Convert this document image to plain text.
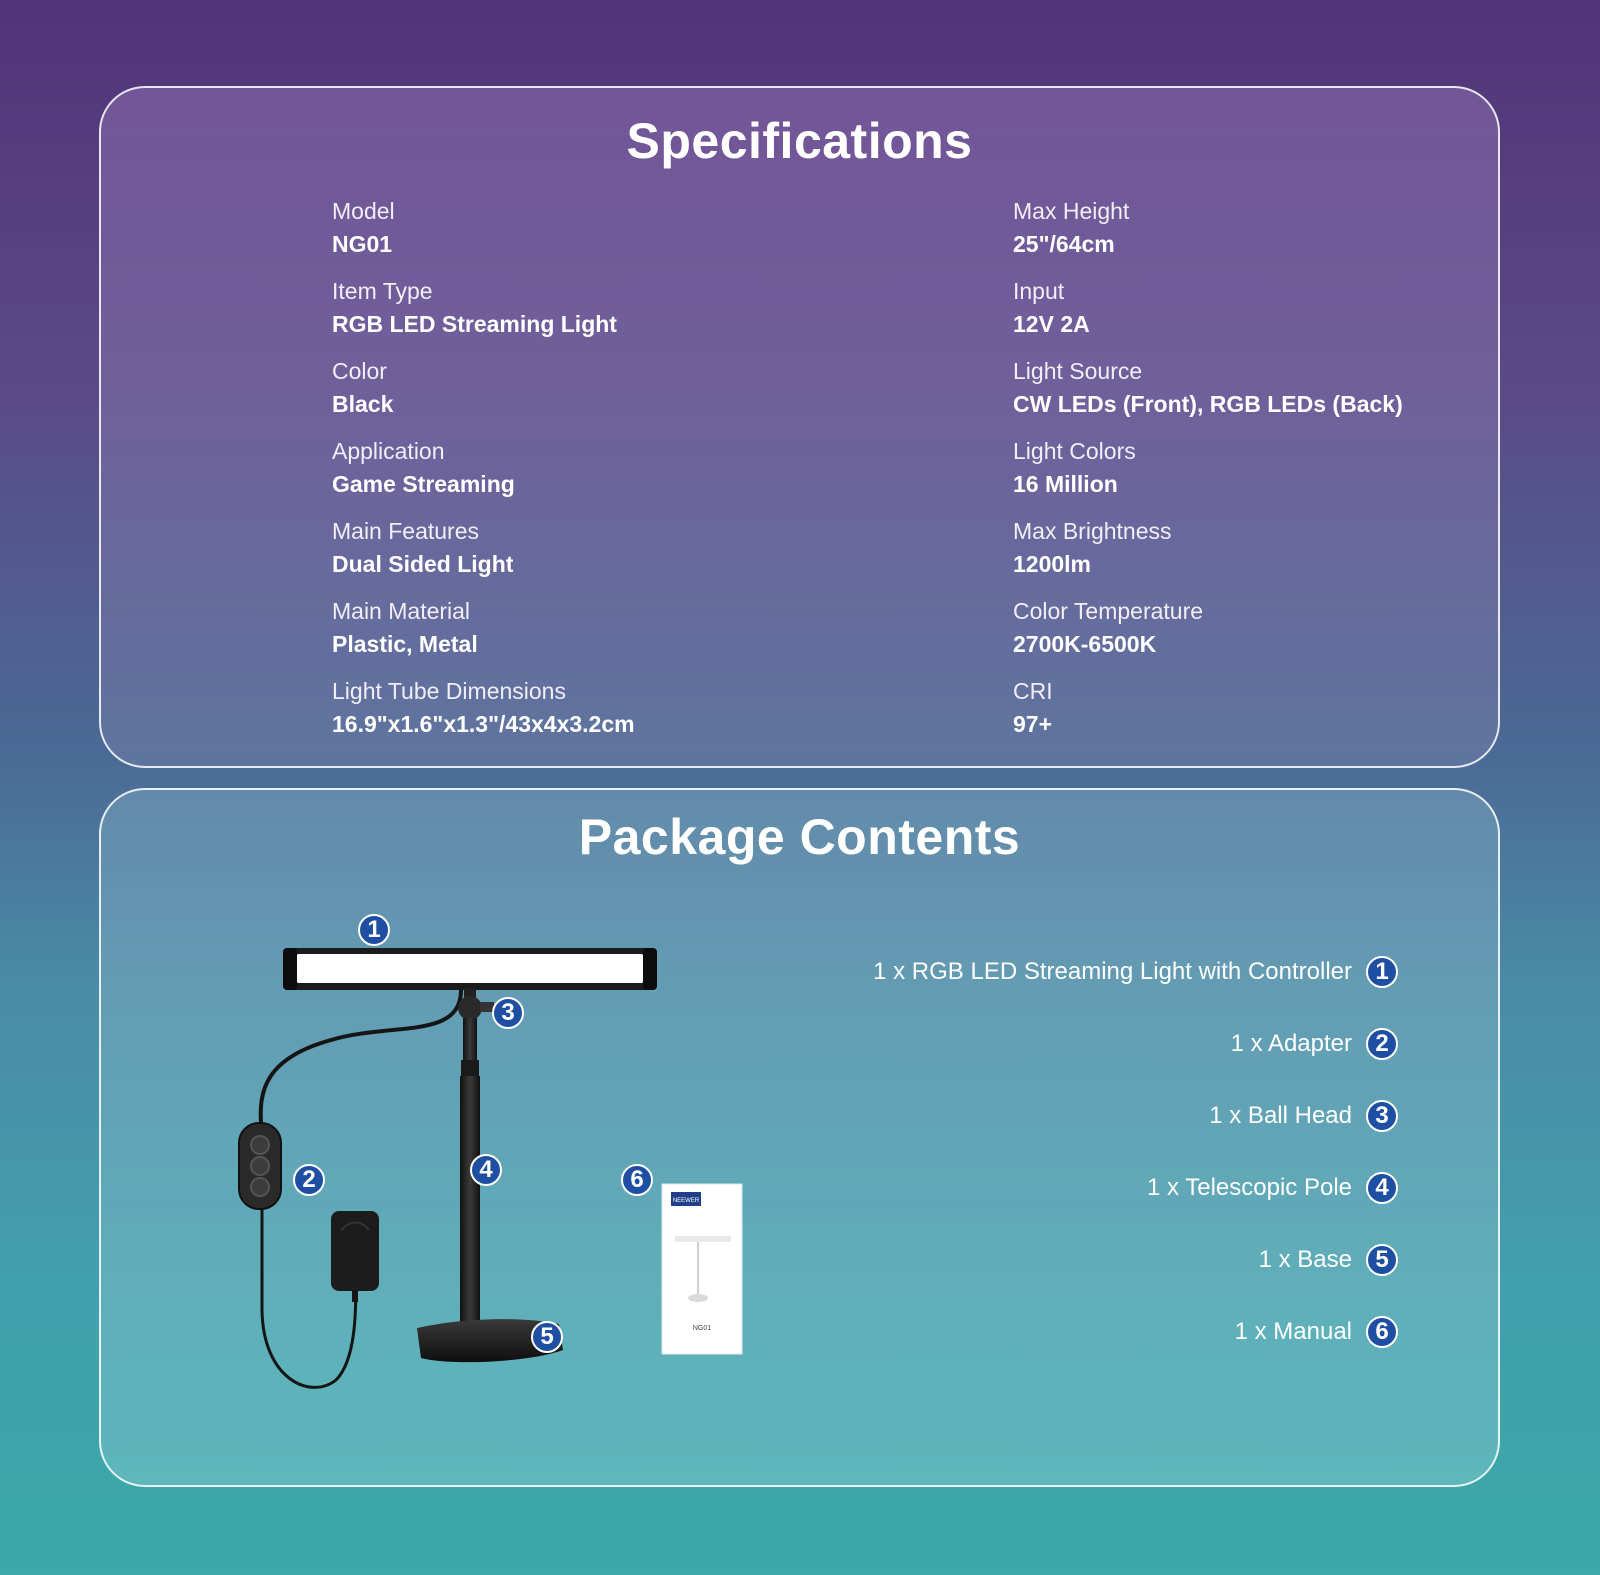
Specifications
Model
NG01
Item Type
RGB LED Streaming Light
Color
Black
Application
Game Streaming
Main Features
Dual Sided Light
Main Material
Plastic, Metal
Light Tube Dimensions
16.9"x1.6"x1.3"/43x4x3.2cm
Max Height
25"/64cm
Input
12V 2A
Light Source
CW LEDs (Front), RGB LEDs (Back)
Light Colors
16 Million
Max Brightness
1200lm
Color Temperature
2700K-6500K
CRI
97+
Package Contents
NEEWER
NG01
1
2
3
4
5
6
1 x RGB LED Streaming Light with Controller 1
1 x Adapter 2
1 x Ball Head 3
1 x Telescopic Pole 4
1 x Base 5
1 x Manual 6
